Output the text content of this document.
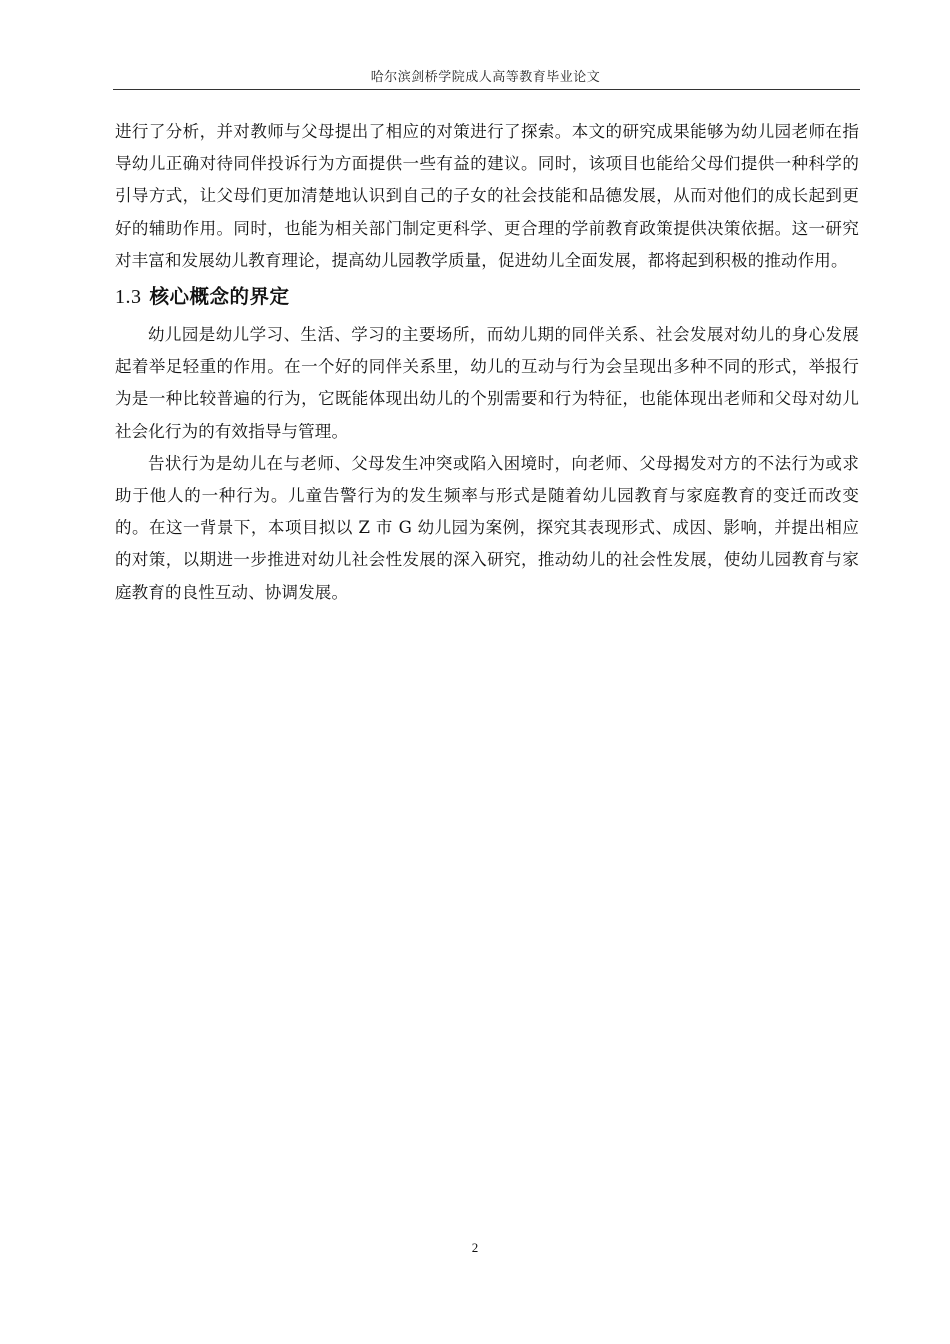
哈尔滨剑桥学院成人高等教育毕业论文

进行了分析，并对教师与父母提出了相应的对策进行了探索。本文的研究成果能够为幼儿园老师在指导幼儿正确对待同伴投诉行为方面提供一些有益的建议。同时，该项目也能给父母们提供一种科学的引导方式，让父母们更加清楚地认识到自己的子女的社会技能和品德发展，从而对他们的成长起到更好的辅助作用。同时，也能为相关部门制定更科学、更合理的学前教育政策提供决策依据。这一研究对丰富和发展幼儿教育理论，提高幼儿园教学质量，促进幼儿全面发展，都将起到积极的推动作用。

1.3 核心概念的界定

幼儿园是幼儿学习、生活、学习的主要场所，而幼儿期的同伴关系、社会发展对幼儿的身心发展起着举足轻重的作用。在一个好的同伴关系里，幼儿的互动与行为会呈现出多种不同的形式，举报行为是一种比较普遍的行为，它既能体现出幼儿的个别需要和行为特征，也能体现出老师和父母对幼儿社会化行为的有效指导与管理。

告状行为是幼儿在与老师、父母发生冲突或陷入困境时，向老师、父母揭发对方的不法行为或求助于他人的一种行为。儿童告警行为的发生频率与形式是随着幼儿园教育与家庭教育的变迁而改变的。在这一背景下，本项目拟以 Z 市 G 幼儿园为案例，探究其表现形式、成因、影响，并提出相应的对策，以期进一步推进对幼儿社会性发展的深入研究，推动幼儿的社会性发展，使幼儿园教育与家庭教育的良性互动、协调发展。

2
